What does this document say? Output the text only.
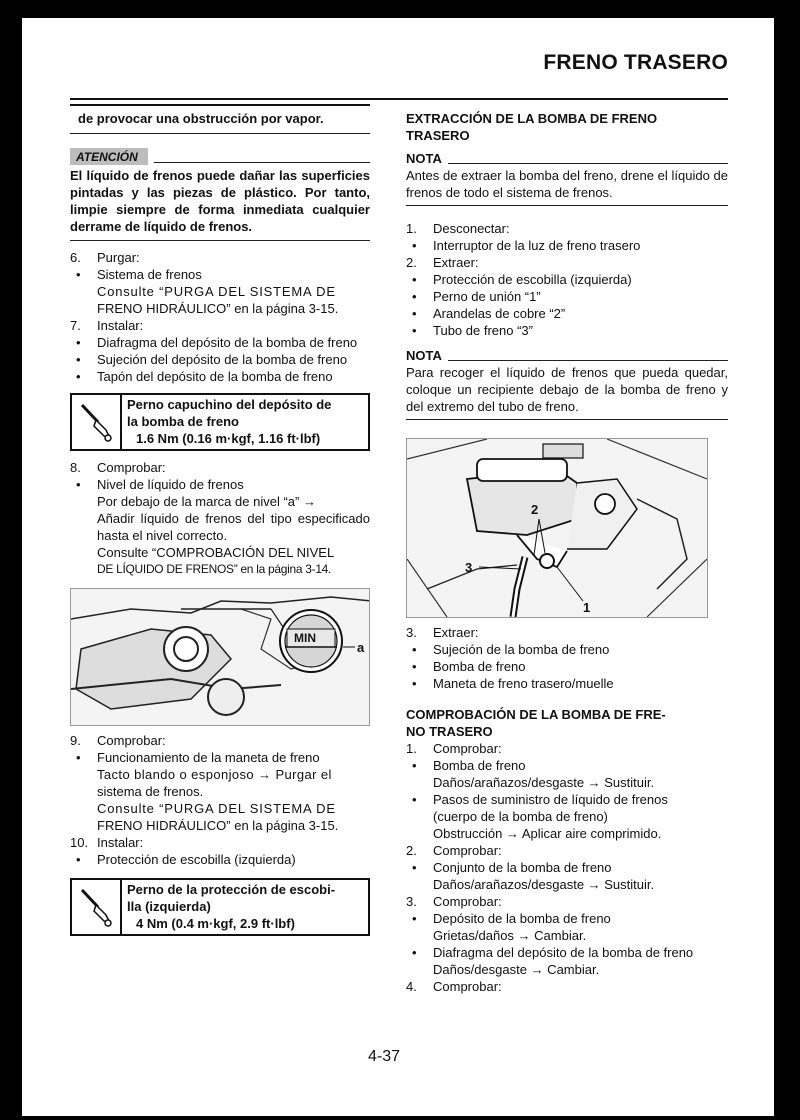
FRENO TRASERO
de provocar una obstrucción por vapor.
ATENCIÓN
El líquido de frenos puede dañar las superficies pintadas y las piezas de plástico. Por tanto, limpie siempre de forma inmediata cualquier derrame de líquido de frenos.
6.	Purgar:
•	Sistema de frenos
Consulte “PURGA DEL SISTEMA DE
FRENO HIDRÁULICO” en la página 3-15.
7.	Instalar:
•	Diafragma del depósito de la bomba de freno
•	Sujeción del depósito de la bomba de freno
•	Tapón del depósito de la bomba de freno
Perno capuchino del depósito de
la bomba de freno
1.6 Nm (0.16 m·kgf, 1.16 ft·lbf)
8.	Comprobar:
•	Nivel de líquido de frenos
Por debajo de la marca de nivel “a” →
Añadir líquido de frenos del tipo especificado hasta el nivel correcto.
Consulte “COMPROBACIÓN DEL NIVEL
DE LÍQUIDO DE FRENOS” en la página 3-14.
MIN
a
9.	Comprobar:
•	Funcionamiento de la maneta de freno
Tacto blando o esponjoso → Purgar el
sistema de frenos.
Consulte “PURGA DEL SISTEMA DE
FRENO HIDRÁULICO” en la página 3-15.
10. Instalar:
•	Protección de escobilla (izquierda)
Perno de la protección de escobi-
lla (izquierda)
4 Nm (0.4 m·kgf, 2.9 ft·lbf)
EXTRACCIÓN DE LA BOMBA DE FRENO
TRASERO
NOTA
Antes de extraer la bomba del freno, drene el líquido de frenos de todo el sistema de frenos.
1.	Desconectar:
•	Interruptor de la luz de freno trasero
2.	Extraer:
•	Protección de escobilla (izquierda)
•	Perno de unión “1”
•	Arandelas de cobre “2”
•	Tubo de freno “3”
NOTA
Para recoger el líquido de frenos que pueda quedar, coloque un recipiente debajo de la bomba de freno y del extremo del tubo de freno.
2
3
1
3.	Extraer:
•	Sujeción de la bomba de freno
•	Bomba de freno
•	Maneta de freno trasero/muelle
COMPROBACIÓN DE LA BOMBA DE FRE-
NO TRASERO
1.	Comprobar:
•	Bomba de freno
Daños/arañazos/desgaste → Sustituir.
•	Pasos de suministro de líquido de frenos
(cuerpo de la bomba de freno)
Obstrucción → Aplicar aire comprimido.
2.	Comprobar:
•	Conjunto de la bomba de freno
Daños/arañazos/desgaste → Sustituir.
3.	Comprobar:
•	Depósito de la bomba de freno
Grietas/daños → Cambiar.
•	Diafragma del depósito de la bomba de freno
Daños/desgaste → Cambiar.
4.	Comprobar:
4-37
